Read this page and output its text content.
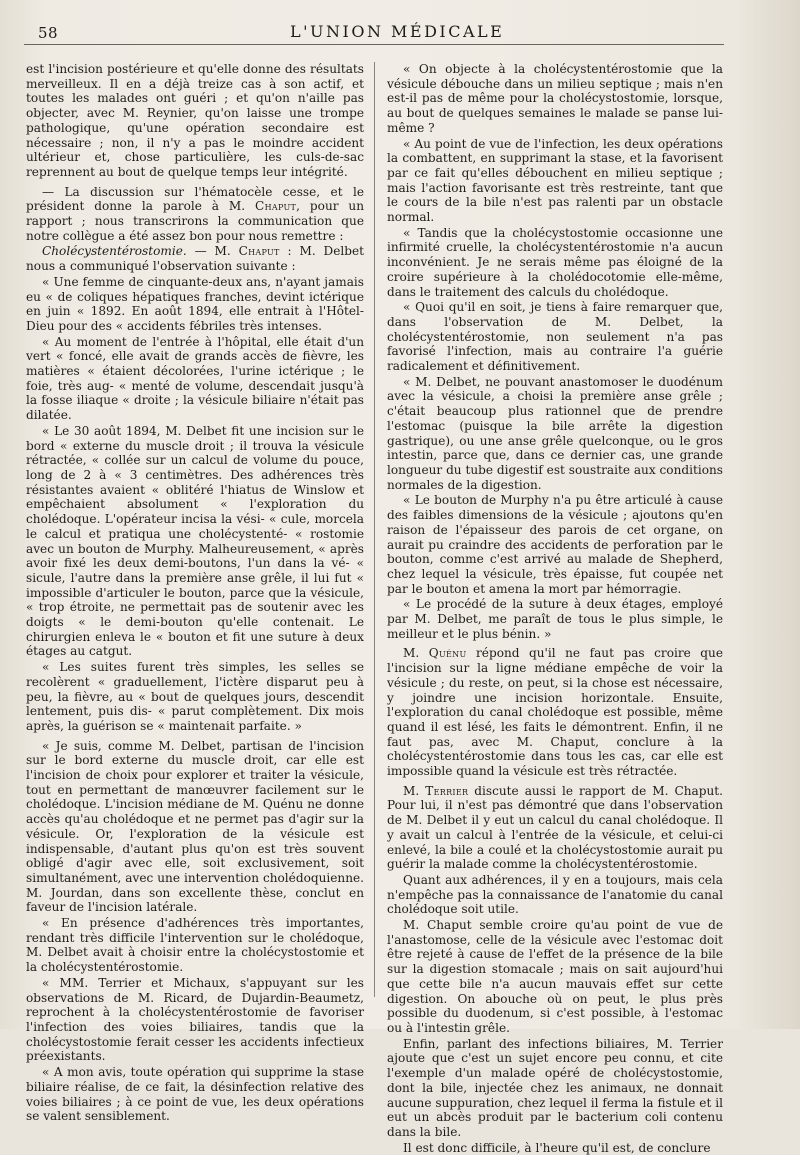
58	L'UNION MÉDICALE

est l'incision postérieure et qu'elle donne des résultats merveilleux. Il en a déjà treize cas à son actif, et toutes les malades ont guéri ; et qu'on n'aille pas objecter, avec M. Reynier, qu'on laisse une trompe pathologique, qu'une opération secondaire est nécessaire ; non, il n'y a pas le moindre accident ultérieur et, chose particulière, les culs-de-sac reprennent au bout de quelque temps leur intégrité.

— La discussion sur l'hématocèle cesse, et le président donne la parole à M. Chaput, pour un rapport ; nous transcrirons la communication que notre collègue a été assez bon pour nous remettre :

Cholécystentérostomie. — M. Chaput : M. Delbet nous a communiqué l'observation suivante :

« Une femme de cinquante-deux ans, n'ayant jamais eu « de coliques hépatiques franches, devint ictérique en juin « 1892. En août 1894, elle entrait à l'Hôtel-Dieu pour des « accidents fébriles très intenses.

« Au moment de l'entrée à l'hôpital, elle était d'un vert « foncé, elle avait de grands accès de fièvre, les matières « étaient décolorées, l'urine ictérique ; le foie, très aug- « menté de volume, descendait jusqu'à la fosse iliaque « droite ; la vésicule biliaire n'était pas dilatée.

« Le 30 août 1894, M. Delbet fit une incision sur le bord « externe du muscle droit ; il trouva la vésicule rétractée, « collée sur un calcul de volume du pouce, long de 2 à « 3 centimètres. Des adhérences très résistantes avaient « oblitéré l'hiatus de Winslow et empêchaient absolument « l'exploration du cholédoque. L'opérateur incisa la vési- « cule, morcela le calcul et pratiqua une cholécystenté- « rostomie avec un bouton de Murphy. Malheureusement, « après avoir fixé les deux demi-boutons, l'un dans la vé- « sicule, l'autre dans la première anse grêle, il lui fut « impossible d'articuler le bouton, parce que la vésicule, « trop étroite, ne permettait pas de soutenir avec les doigts « le demi-bouton qu'elle contenait. Le chirurgien enleva le « bouton et fit une suture à deux étages au catgut.

« Les suites furent très simples, les selles se recolèrent « graduellement, l'ictère disparut peu à peu, la fièvre, au « bout de quelques jours, descendit lentement, puis dis- « parut complètement. Dix mois après, la guérison se « maintenait parfaite. »

« Je suis, comme M. Delbet, partisan de l'incision sur le bord externe du muscle droit, car elle est l'incision de choix pour explorer et traiter la vésicule, tout en permettant de manœuvrer facilement sur le cholédoque. L'incision médiane de M. Quénu ne donne accès qu'au cholédoque et ne permet pas d'agir sur la vésicule. Or, l'exploration de la vésicule est indispensable, d'autant plus qu'on est très souvent obligé d'agir avec elle, soit exclusivement, soit simultanément, avec une intervention cholédoquienne. M. Jourdan, dans son excellente thèse, conclut en faveur de l'incision latérale.

« En présence d'adhérences très importantes, rendant très difficile l'intervention sur le cholédoque, M. Delbet avait à choisir entre la cholécystostomie et la cholécystentérostomie.

« MM. Terrier et Michaux, s'appuyant sur les observations de M. Ricard, de Dujardin-Beaumetz, reprochent à la cholécystentérostomie de favoriser l'infection des voies biliaires, tandis que la cholécystostomie ferait cesser les accidents infectieux préexistants.

« A mon avis, toute opération qui supprime la stase biliaire réalise, de ce fait, la désinfection relative des voies biliaires ; à ce point de vue, les deux opérations se valent sensiblement.

« On objecte à la cholécystentérostomie que la vésicule débouche dans un milieu septique ; mais n'en est-il pas de même pour la cholécystostomie, lorsque, au bout de quelques semaines le malade se panse lui-même ?

« Au point de vue de l'infection, les deux opérations la combattent, en supprimant la stase, et la favorisent par ce fait qu'elles débouchent en milieu septique ; mais l'action favorisante est très restreinte, tant que le cours de la bile n'est pas ralenti par un obstacle normal.

« Tandis que la cholécystostomie occasionne une infirmité cruelle, la cholécystentérostomie n'a aucun inconvénient. Je ne serais même pas éloigné de la croire supérieure à la cholédocotomie elle-même, dans le traitement des calculs du cholédoque.

« Quoi qu'il en soit, je tiens à faire remarquer que, dans l'observation de M. Delbet, la cholécystentérostomie, non seulement n'a pas favorisé l'infection, mais au contraire l'a guérie radicalement et définitivement.

« M. Delbet, ne pouvant anastomoser le duodénum avec la vésicule, a choisi la première anse grêle ; c'était beaucoup plus rationnel que de prendre l'estomac (puisque la bile arrête la digestion gastrique), ou une anse grêle quelconque, ou le gros intestin, parce que, dans ce dernier cas, une grande longueur du tube digestif est soustraite aux conditions normales de la digestion.

« Le bouton de Murphy n'a pu être articulé à cause des faibles dimensions de la vésicule ; ajoutons qu'en raison de l'épaisseur des parois de cet organe, on aurait pu craindre des accidents de perforation par le bouton, comme c'est arrivé au malade de Shepherd, chez lequel la vésicule, très épaisse, fut coupée net par le bouton et amena la mort par hémorragie.

« Le procédé de la suture à deux étages, employé par M. Delbet, me paraît de tous le plus simple, le meilleur et le plus bénin. »

M. Quénu répond qu'il ne faut pas croire que l'incision sur la ligne médiane empêche de voir la vésicule ; du reste, on peut, si la chose est nécessaire, y joindre une incision horizontale. Ensuite, l'exploration du canal cholédoque est possible, même quand il est lésé, les faits le démontrent. Enfin, il ne faut pas, avec M. Chaput, conclure à la cholécystentérostomie dans tous les cas, car elle est impossible quand la vésicule est très rétractée.

M. Terrier discute aussi le rapport de M. Chaput. Pour lui, il n'est pas démontré que dans l'observation de M. Delbet il y eut un calcul du canal cholédoque. Il y avait un calcul à l'entrée de la vésicule, et celui-ci enlevé, la bile a coulé et la cholécystostomie aurait pu guérir la malade comme la cholécystentérostomie.

Quant aux adhérences, il y en a toujours, mais cela n'empêche pas la connaissance de l'anatomie du canal cholédoque soit utile.

M. Chaput semble croire qu'au point de vue de l'anastomose, celle de la vésicule avec l'estomac doit être rejeté à cause de l'effet de la présence de la bile sur la digestion stomacale ; mais on sait aujourd'hui que cette bile n'a aucun mauvais effet sur cette digestion. On abouche où on peut, le plus près possible du duodenum, si c'est possible, à l'estomac ou à l'intestin grêle.

Enfin, parlant des infections biliaires, M. Terrier ajoute que c'est un sujet encore peu connu, et cite l'exemple d'un malade opéré de cholécystostomie, dont la bile, injectée chez les animaux, ne donnait aucune suppuration, chez lequel il ferma la fistule et il eut un abcès produit par le bacterium coli contenu dans la bile.

Il est donc difficile, à l'heure qu'il est, de conclure
